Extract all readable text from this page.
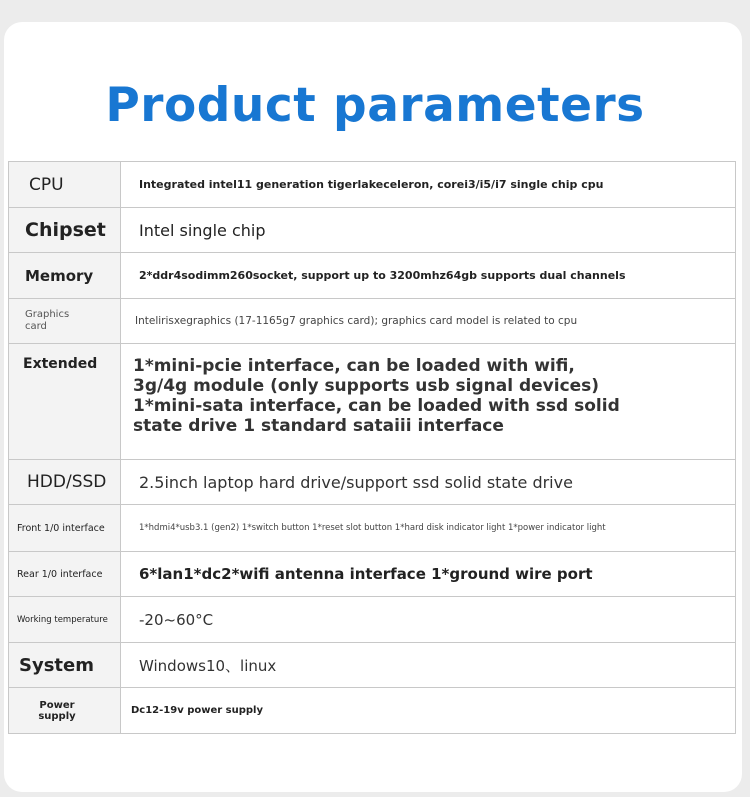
Product parameters
CPU	Integrated intel11 generation tigerlakeceleron, corei3/i5/i7 single chip cpu

Chipset	Intel single chip

Memory	2*ddr4sodimm260socket, support up to 3200mhz64gb supports dual channels

Graphics card	Intelirisxegraphics (17-1165g7 graphics card); graphics card model is related to cpu

Extended	1*mini-pcie interface, can be loaded with wifi,
3g/4g module (only supports usb signal devices)
1*mini-sata interface, can be loaded with ssd solid
state drive 1 standard sataiii interface

HDD/SSD	2.5inch laptop hard drive/support ssd solid state drive

Front 1/0 interface	1*hdmi4*usb3.1 (gen2) 1*switch button 1*reset slot button 1*hard disk indicator light 1*power indicator light

Rear 1/0 interface	6*lan1*dc2*wifi antenna interface 1*ground wire port

Working temperature	-20~60°C

System	Windows10、linux

Power supply	Dc12-19v power supply
